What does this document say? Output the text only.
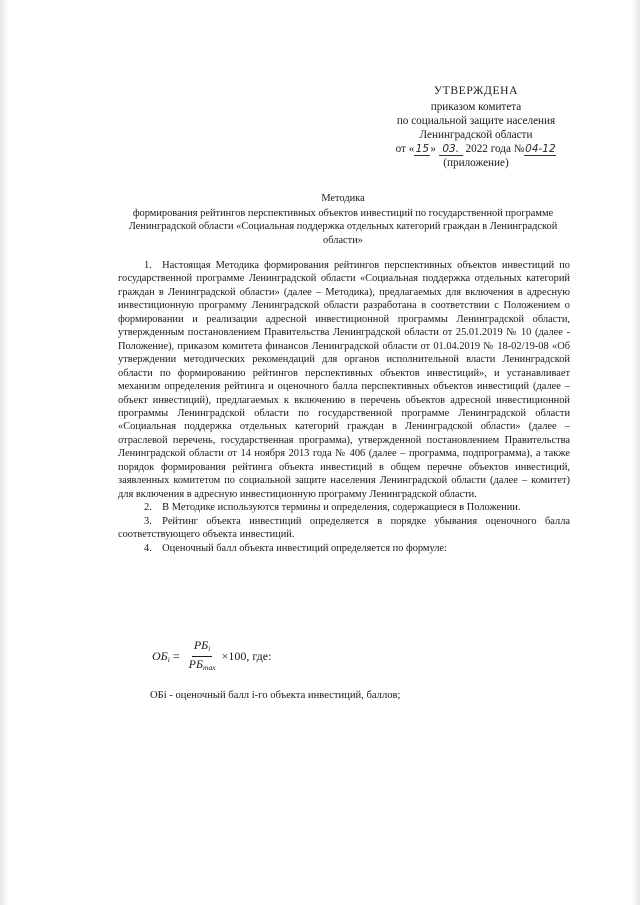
УТВЕРЖДЕНА
приказом комитета
по социальной защите населения
Ленинградской области
от «15» 03. 2022 года №04-12
(приложение)
Методика
формирования рейтингов перспективных объектов инвестиций по государственной программе Ленинградской области «Социальная поддержка отдельных категорий граждан в Ленинградской области»

1. Настоящая Методика формирования рейтингов перспективных объектов инвестиций по государственной программе Ленинградской области «Социальная поддержка отдельных категорий граждан в Ленинградской области» (далее – Методика), предлагаемых для включения в адресную инвестиционную программу Ленинградской области разработана в соответствии с Положением о формировании и реализации адресной инвестиционной программы Ленинградской области, утвержденным постановлением Правительства Ленинградской области от 25.01.2019 № 10 (далее - Положение), приказом комитета финансов Ленинградской области от 01.04.2019 № 18-02/19-08 «Об утверждении методических рекомендаций для органов исполнительной власти Ленинградской области по формированию рейтингов перспективных объектов инвестиций», и устанавливает механизм определения рейтинга и оценочного балла перспективных объектов инвестиций (далее – объект инвестиций), предлагаемых к включению в перечень объектов адресной инвестиционной программы Ленинградской области по государственной программе Ленинградской области «Социальная поддержка отдельных категорий граждан в Ленинградской области» (далее – отраслевой перечень, государственная программа), утвержденной постановлением Правительства Ленинградской области от 14 ноября 2013 года № 406 (далее – программа, подпрограмма), а также порядок формирования рейтинга объекта инвестиций в общем перечне объектов инвестиций, заявленных комитетом по социальной защите населения Ленинградской области (далее – комитет) для включения в адресную инвестиционную программу Ленинградской области.

2. В Методике используются термины и определения, содержащиеся в Положении.

3. Рейтинг объекта инвестиций определяется в порядке убывания оценочного балла соответствующего объекта инвестиций.

4. Оценочный балл объекта инвестиций определяется по формуле:

$ОБ_i = \frac{РБ_i}{РБ_{max}} \times 100$, где:
ОБi - оценочный балл i-го объекта инвестиций, баллов;
